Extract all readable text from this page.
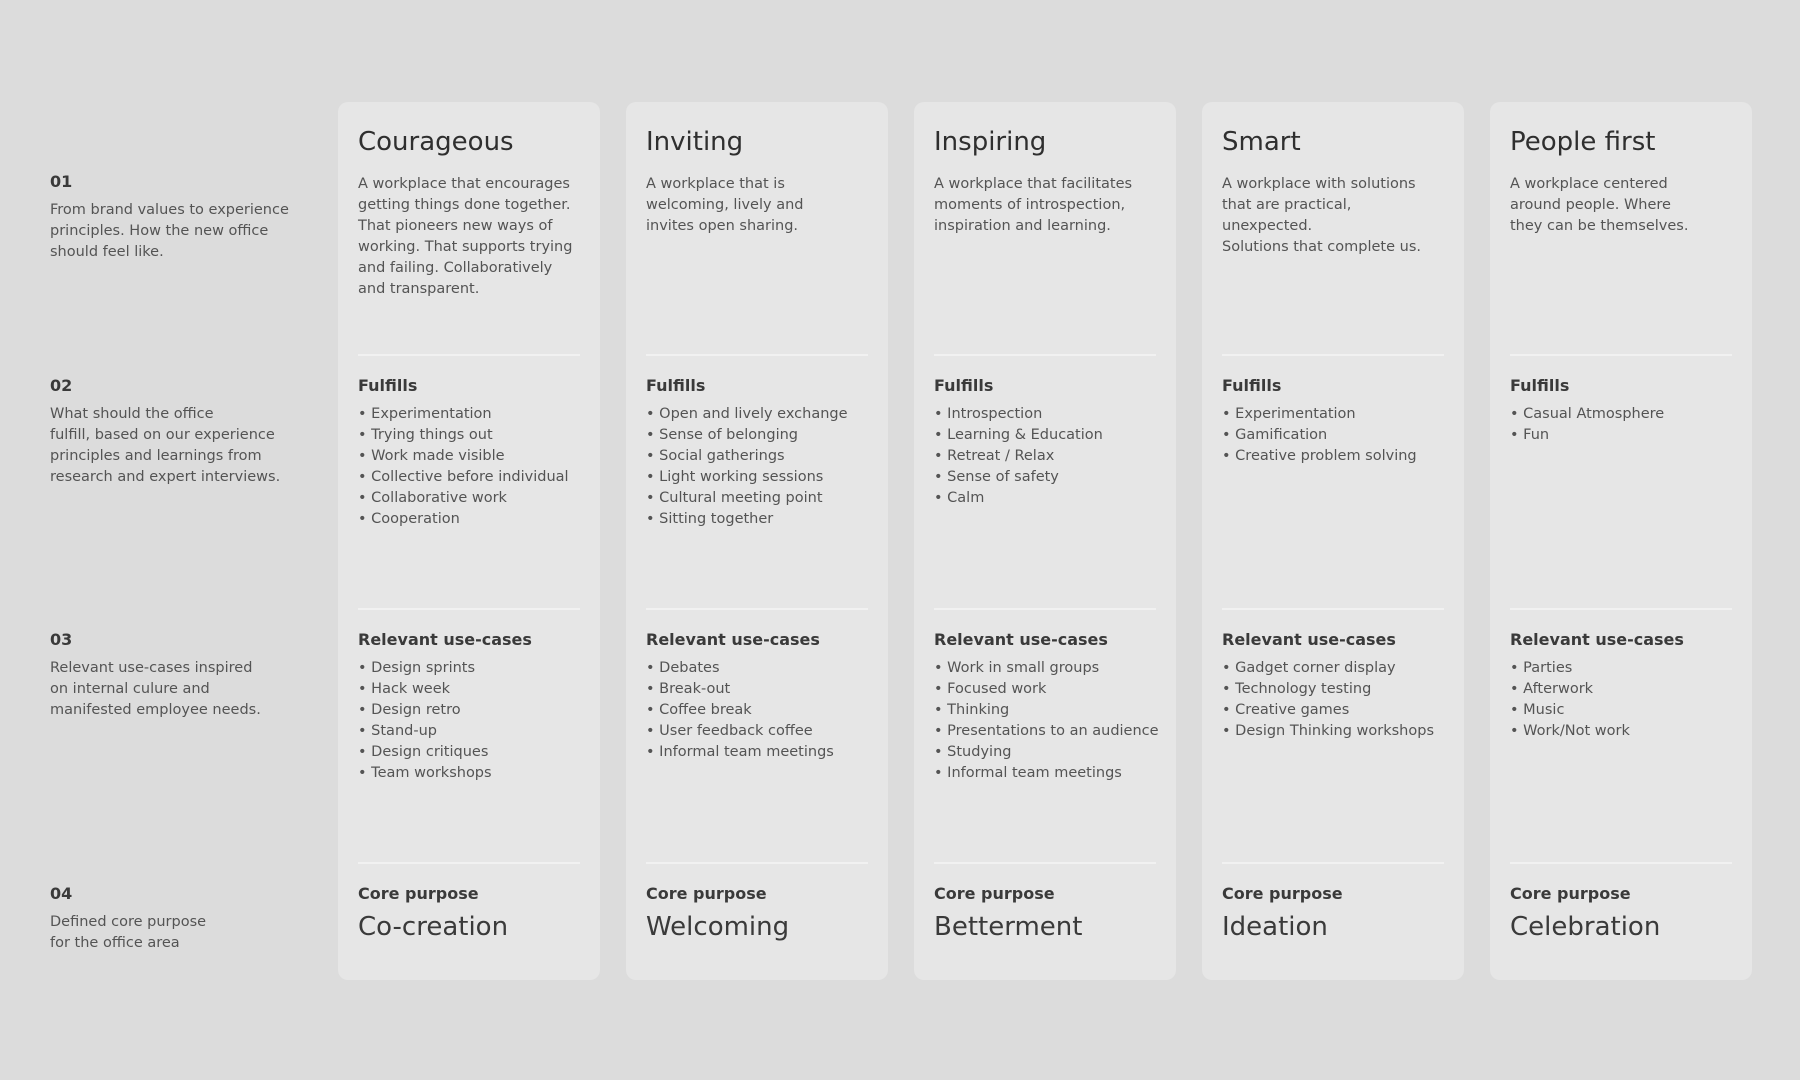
01
From brand values to experience
principles. How the new office
should feel like.
02
What should the office
fulfill, based on our experience
principles and learnings from
research and expert interviews.
03
Relevant use-cases inspired
on internal culure and
manifested employee needs.
04
Defined core purpose
for the office area
Courageous
A workplace that encourages
getting things done together.
That pioneers new ways of
working. That supports trying
and failing. Collaboratively
and transparent.
Fulfills
• Experimentation
• Trying things out
• Work made visible
• Collective before individual
• Collaborative work
• Cooperation
Relevant use-cases
• Design sprints
• Hack week
• Design retro
• Stand-up
• Design critiques
• Team workshops
Core purpose
Co-creation
Inviting
A workplace that is
welcoming, lively and
invites open sharing.
Fulfills
• Open and lively exchange
• Sense of belonging
• Social gatherings
• Light working sessions
• Cultural meeting point
• Sitting together
Relevant use-cases
• Debates
• Break-out
• Coffee break
• User feedback coffee
• Informal team meetings
Core purpose
Welcoming
Inspiring
A workplace that facilitates
moments of introspection,
inspiration and learning.
Fulfills
• Introspection
• Learning & Education
• Retreat / Relax
• Sense of safety
• Calm
Relevant use-cases
• Work in small groups
• Focused work
• Thinking
• Presentations to an audience
• Studying
• Informal team meetings
Core purpose
Betterment
Smart
A workplace with solutions
that are practical, unexpected.
Solutions that complete us.
Fulfills
• Experimentation
• Gamification
• Creative problem solving
Relevant use-cases
• Gadget corner display
• Technology testing
• Creative games
• Design Thinking workshops
Core purpose
Ideation
People first
A workplace centered
around people. Where
they can be themselves.
Fulfills
• Casual Atmosphere
• Fun
Relevant use-cases
• Parties
• Afterwork
• Music
• Work/Not work
Core purpose
Celebration
